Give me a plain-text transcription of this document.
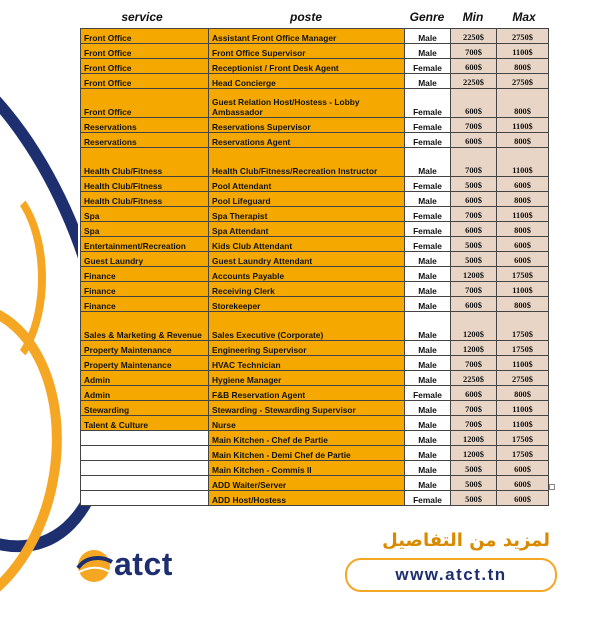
service	poste	Genre	Min	Max
Front Office	Assistant Front Office Manager	Male	2250$	2750$
Front Office	Front Office Supervisor	Male	700$	1100$
Front Office	Receptionist / Front Desk Agent	Female	600$	800$
Front Office	Head Concierge	Male	2250$	2750$
Front Office	Guest Relation Host/Hostess - Lobby Ambassador	Female	600$	800$
Reservations	Reservations Supervisor	Female	700$	1100$
Reservations	Reservations Agent	Female	600$	800$
Health Club/Fitness	Health Club/Fitness/Recreation Instructor	Male	700$	1100$
Health Club/Fitness	Pool Attendant	Female	500$	600$
Health Club/Fitness	Pool Lifeguard	Male	600$	800$
Spa	Spa Therapist	Female	700$	1100$
Spa	Spa Attendant	Female	600$	800$
Entertainment/Recreation	Kids Club Attendant	Female	500$	600$
Guest Laundry	Guest Laundry Attendant	Male	500$	600$
Finance	Accounts Payable	Male	1200$	1750$
Finance	Receiving Clerk	Male	700$	1100$
Finance	Storekeeper	Male	600$	800$
Sales & Marketing & Revenue	Sales Executive (Corporate)	Male	1200$	1750$
Property Maintenance	Engineering Supervisor	Male	1200$	1750$
Property Maintenance	HVAC Technician	Male	700$	1100$
Admin	Hygiene Manager	Male	2250$	2750$
Admin	F&B Reservation Agent	Female	600$	800$
Stewarding	Stewarding - Stewarding Supervisor	Male	700$	1100$
Talent & Culture	Nurse	Male	700$	1100$
	Main Kitchen - Chef de Partie	Male	1200$	1750$
	Main Kitchen - Demi Chef de Partie	Male	1200$	1750$
	Main Kitchen - Commis II	Male	500$	600$
	ADD Waiter/Server	Male	500$	600$
	ADD Host/Hostess	Female	500$	600$
atct
لمزيد من التفاصيل
www.atct.tn
